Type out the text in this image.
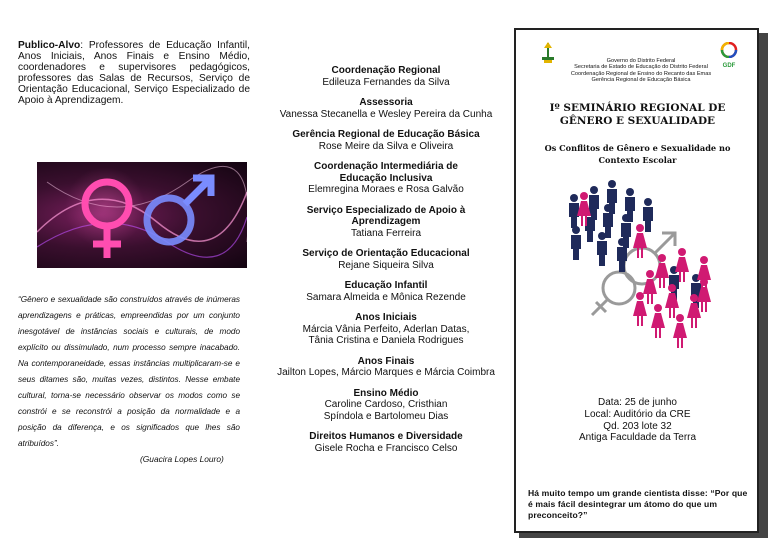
Publico-Alvo: Professores de Educação Infantil, Anos Iniciais, Anos Finais e Ensino Médio, coordenadores e supervisores pedagógicos, professores das Salas de Recursos, Serviço de Orientação Educacional, Serviço Especializado de Apoio à Aprendizagem.

“Gênero e sexualidade são construídos através de inúmeras aprendizagens e práticas, empreendidas por um conjunto inesgotável de instâncias sociais e culturais, de modo explícito ou dissimulado, num processo sempre inacabado. Na contemporaneidade, essas instâncias multiplicaram-se e seus ditames são, muitas vezes, distintos. Nesse embate cultural, torna-se necessário observar os modos como se constrói e se reconstrói a posição da normalidade e a posição da diferença, e os significados que lhes são atribuídos”.
(Guacira Lopes Louro)
Coordenação Regional
Edileuza Fernandes da Silva
Assessoria
Vanessa Stecanella e Wesley Pereira da Cunha
Gerência Regional de Educação Básica
Rose Meire da Silva e Oliveira
Coordenação Intermediária de Educação Inclusiva
Elemregina Moraes e Rosa Galvão
Serviço Especializado de Apoio à Aprendizagem
Tatiana Ferreira
Serviço de Orientação Educacional
Rejane Siqueira Silva
Educação Infantil
Samara Almeida e Mônica Rezende
Anos Iniciais
Márcia Vânia Perfeito, Aderlan Datas, Tânia Cristina e Daniela Rodrigues
Anos Finais
Jailton Lopes, Márcio Marques e Márcia Coimbra
Ensino Médio
Caroline Cardoso, Cristhian Spíndola e Bartolomeu Dias
Direitos Humanos e Diversidade
Gisele Rocha e Francisco Celso
Governo do Distrito Federal
Secretaria de Estado de Educação do Distrito Federal
Coordenação Regional de Ensino do Recanto das Emas
Gerência Regional de Educação Básica
GDF
Iº SEMINÁRIO REGIONAL DE
GÊNERO E SEXUALIDADE
Os Conflitos de Gênero e Sexualidade no
Contexto Escolar
Data: 25 de junho
Local: Auditório da CRE
Qd. 203 lote 32
Antiga Faculdade da Terra
Há muito tempo um grande cientista disse: “Por que é mais fácil desintegrar um átomo do que um preconceito?”
